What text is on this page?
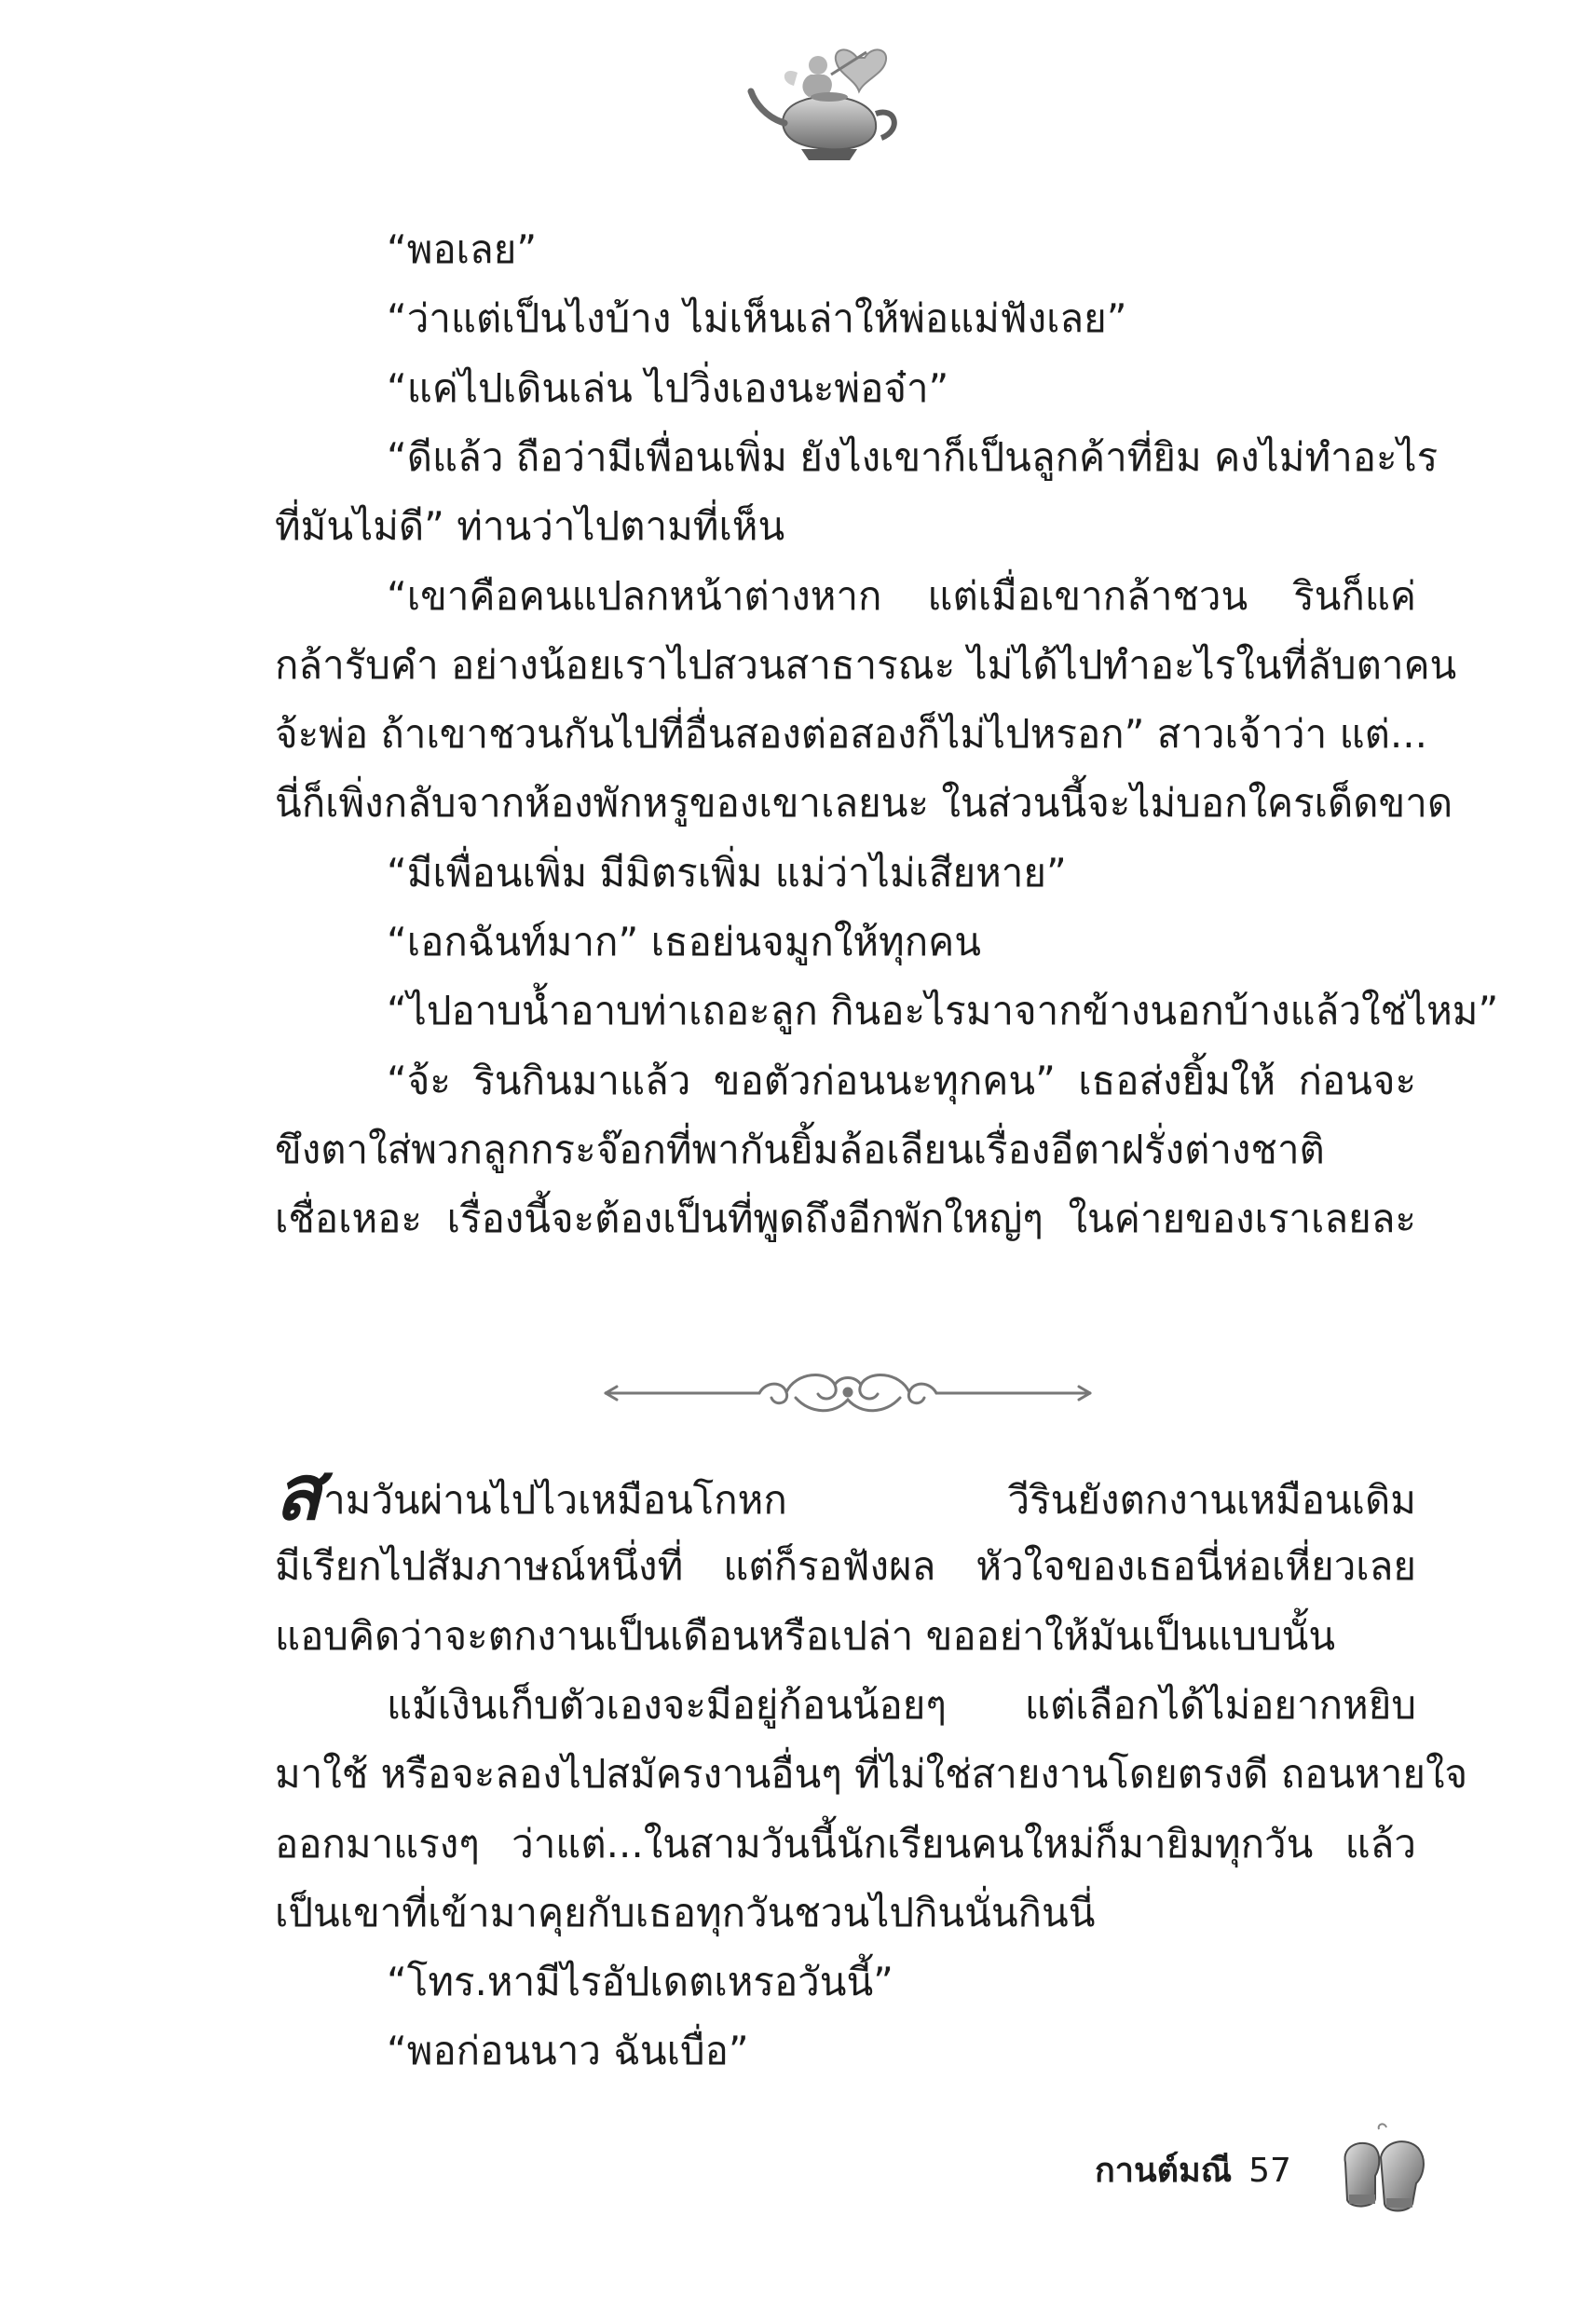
“พอเลย”
“ว่าแต่เป็นไงบ้าง ไม่เห็นเล่าให้พ่อแม่ฟังเลย”
“แค่ไปเดินเล่น ไปวิ่งเองนะพ่อจ๋า”
“ดีแล้ว ถือว่ามีเพื่อนเพิ่ม ยังไงเขาก็เป็นลูกค้าที่ยิม คงไม่ทำอะไร
ที่มันไม่ดี” ท่านว่าไปตามที่เห็น
“เขาคือคนแปลกหน้าต่างหาก แต่เมื่อเขากล้าชวน รินก็แค่
กล้ารับคำ อย่างน้อยเราไปสวนสาธารณะ ไม่ได้ไปทำอะไรในที่ลับตาคน
จ้ะพ่อ ถ้าเขาชวนกันไปที่อื่นสองต่อสองก็ไม่ไปหรอก” สาวเจ้าว่า แต่...
นี่ก็เพิ่งกลับจากห้องพักหรูของเขาเลยนะ ในส่วนนี้จะไม่บอกใครเด็ดขาด
“มีเพื่อนเพิ่ม มีมิตรเพิ่ม แม่ว่าไม่เสียหาย”
“เอกฉันท์มาก” เธอย่นจมูกให้ทุกคน
“ไปอาบน้ำอาบท่าเถอะลูก กินอะไรมาจากข้างนอกบ้างแล้วใช่ไหม”
“จ้ะ รินกินมาแล้ว ขอตัวก่อนนะทุกคน” เธอส่งยิ้มให้ ก่อนจะ
ขึงตาใส่พวกลูกกระจ๊อกที่พากันยิ้มล้อเลียนเรื่องอีตาฝรั่งต่างชาติ
เชื่อเหอะ เรื่องนี้จะต้องเป็นที่พูดถึงอีกพักใหญ่ๆ ในค่ายของเราเลยละ
สามวันผ่านไปไวเหมือนโกหก วีรินยังตกงานเหมือนเดิม
มีเรียกไปสัมภาษณ์หนึ่งที่ แต่ก็รอฟังผล หัวใจของเธอนี่ห่อเหี่ยวเลย
แอบคิดว่าจะตกงานเป็นเดือนหรือเปล่า ขออย่าให้มันเป็นแบบนั้น
แม้เงินเก็บตัวเองจะมีอยู่ก้อนน้อยๆ แต่เลือกได้ไม่อยากหยิบ
มาใช้ หรือจะลองไปสมัครงานอื่นๆ ที่ไม่ใช่สายงานโดยตรงดี ถอนหายใจ
ออกมาแรงๆ ว่าแต่...ในสามวันนี้นักเรียนคนใหม่ก็มายิมทุกวัน แล้ว
เป็นเขาที่เข้ามาคุยกับเธอทุกวันชวนไปกินนั่นกินนี่
“โทร.หามีไรอัปเดตเหรอวันนี้”
“พอก่อนนาว ฉันเบื่อ”
กานต์มณี 57
